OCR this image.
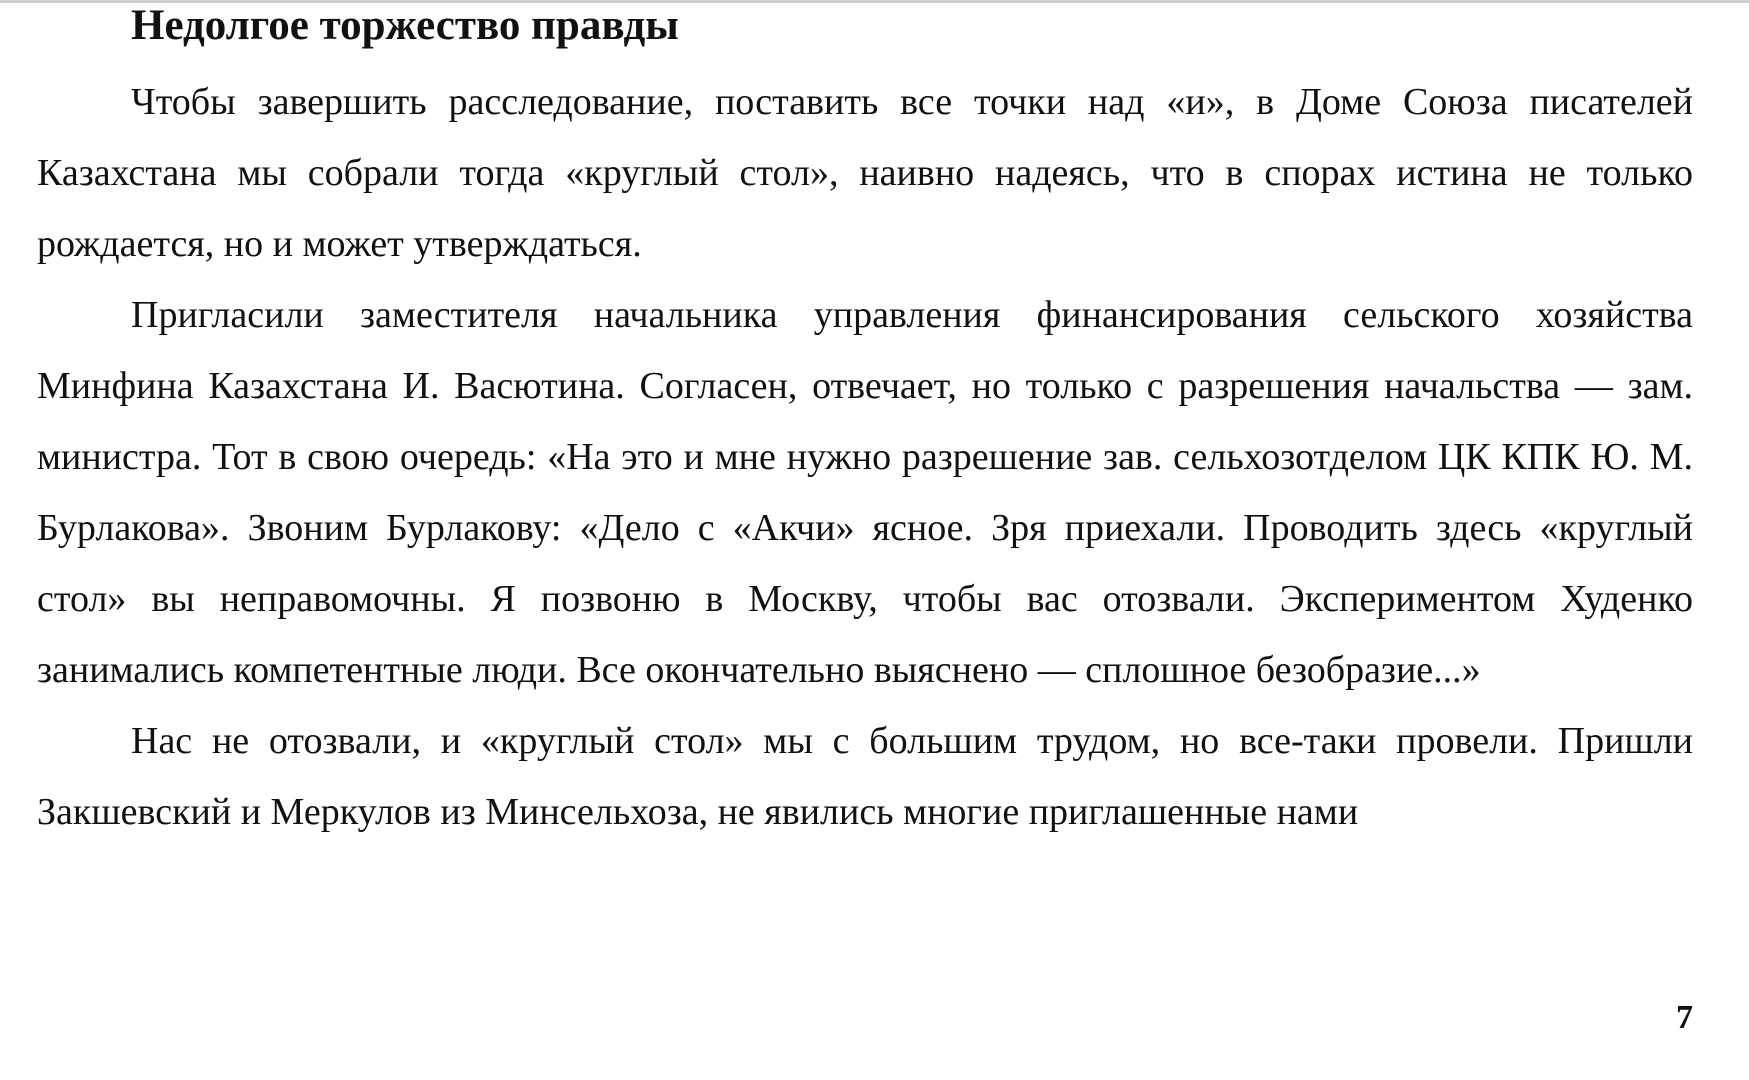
Недолгое торжество правды

Чтобы завершить расследование, поставить все точки над «и», в Доме Союза писателей Казахстана мы собрали тогда «круглый стол», наивно надеясь, что в спорах истина не только рождается, но и может утверждаться.

Пригласили заместителя начальника управления финансирования сельского хозяйства Минфина Казахстана И. Васютина. Согласен, отвечает, но только с разрешения начальства — зам. министра. Тот в свою очередь: «На это и мне нужно разрешение зав. сельхозотделом ЦК КПК Ю. М. Бурлакова». Звоним Бурлакову: «Дело с «Акчи» ясное. Зря приехали. Проводить здесь «круглый стол» вы неправомочны. Я позвоню в Москву, чтобы вас отозвали. Экспериментом Худенко занимались компетентные люди. Все окончательно выяснено — сплошное безобразие...»

Нас не отозвали, и «круглый стол» мы с большим трудом, но все-таки провели. Пришли Закшевский и Меркулов из Минсельхоза, не явились многие приглашенные нами

7
